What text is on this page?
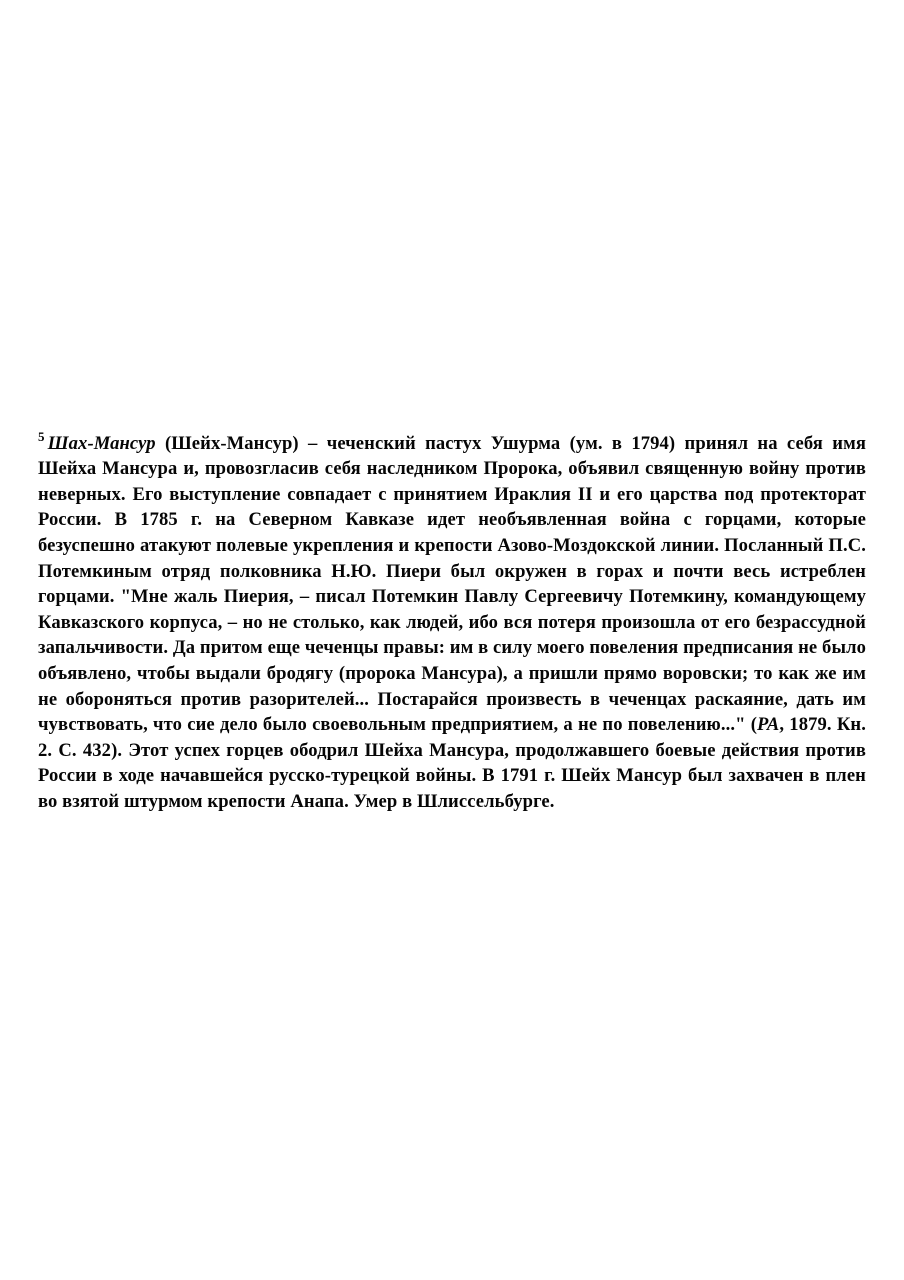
$^5$ Шах-Мансур (Шейх-Мансур) – чеченский пастух Ушурма (ум. в 1794) принял на себя имя Шейха Мансура и, провозгласив себя наследником Пророка, объявил священную войну против неверных. Его выступление совпадает с принятием Ираклия II и его царства под протекторат России. В 1785 г. на Северном Кавказе идет необъявленная война с горцами, которые безуспешно атакуют полевые укрепления и крепости Азово-Моздокской линии. Посланный П.С. Потемкиным отряд полковника Н.Ю. Пиери был окружен в горах и почти весь истреблен горцами. "Мне жаль Пиерия, – писал Потемкин Павлу Сергеевичу Потемкину, командующему Кавказского корпуса, – но не столько, как людей, ибо вся потеря произошла от его безрассудной запальчивости. Да притом еще чеченцы правы: им в силу моего повеления предписания не было объявлено, чтобы выдали бродягу (пророка Мансура), а пришли прямо воровски; то как же им не обороняться против разорителей... Постарайся произвесть в чеченцах раскаяние, дать им чувствовать, что сие дело было своевольным предприятием, а не по повелению..." (РА, 1879. Кн. 2. С. 432). Этот успех горцев ободрил Шейха Мансура, продолжавшего боевые действия против России в ходе начавшейся русско-турецкой войны. В 1791 г. Шейх Мансур был захвачен в плен во взятой штурмом крепости Анапа. Умер в Шлиссельбурге.
